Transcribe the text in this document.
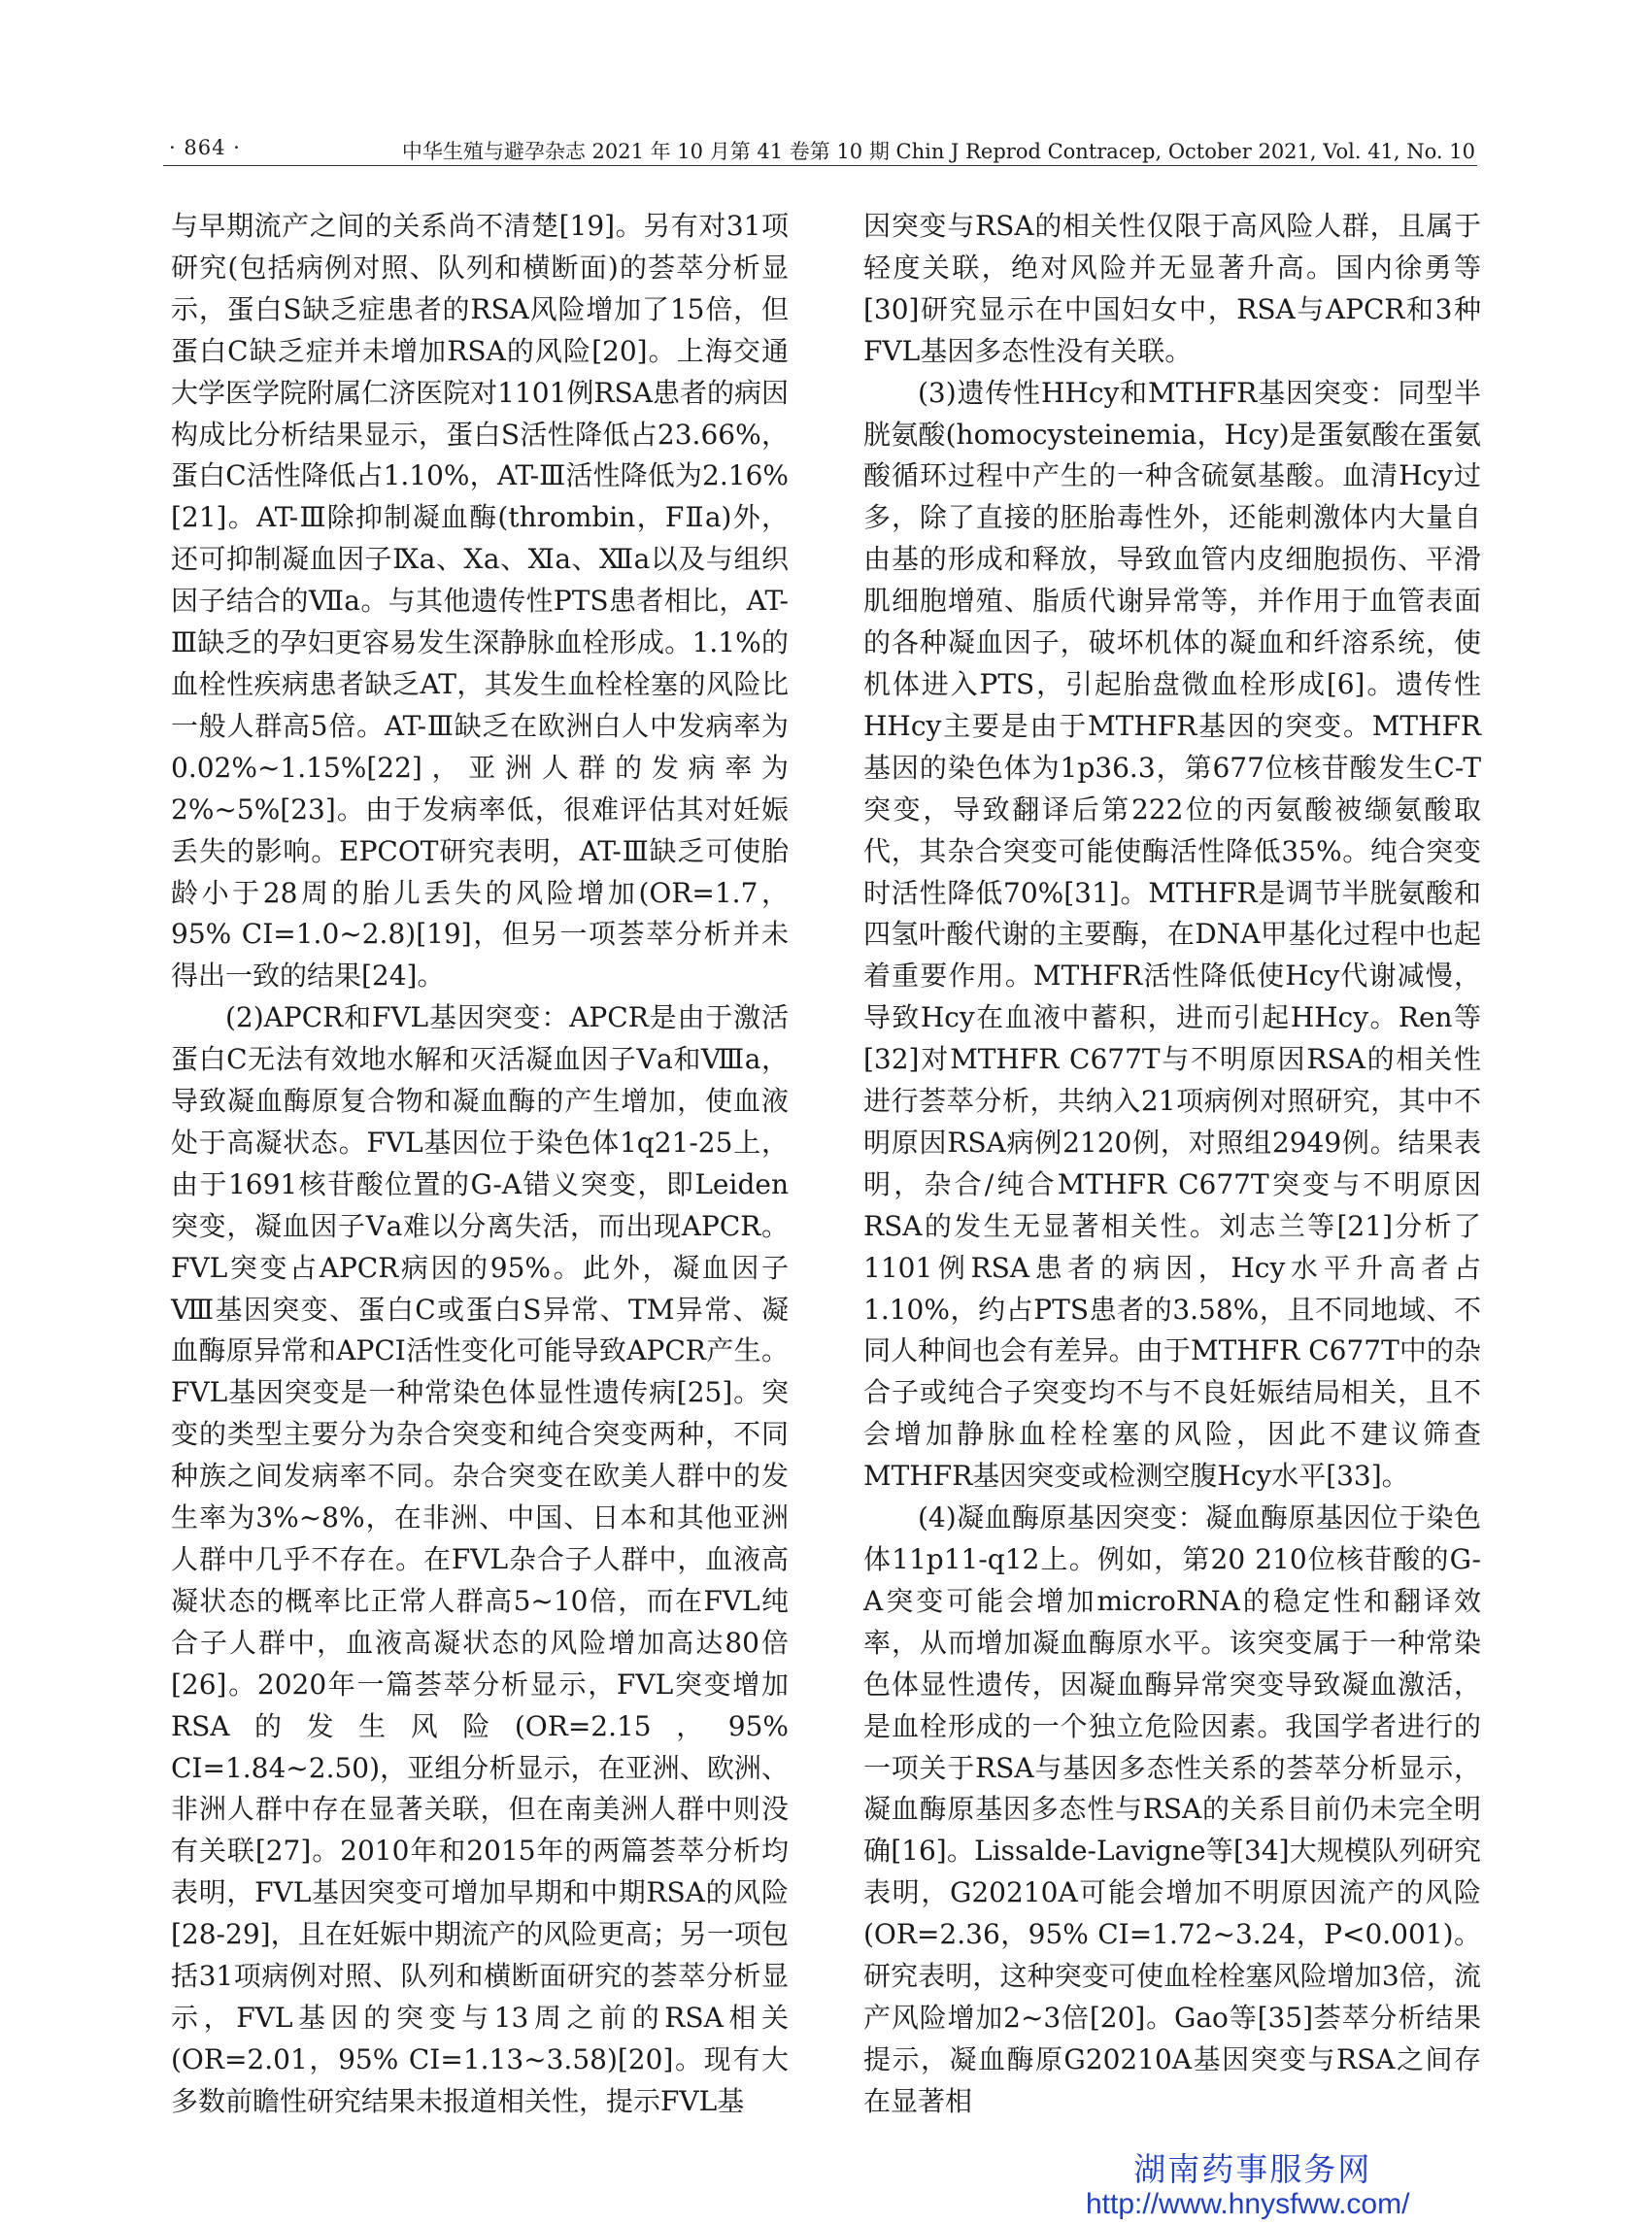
· 864 ·	中华生殖与避孕杂志 2021 年 10 月第 41 卷第 10 期 Chin J Reprod Contracep, October 2021, Vol. 41, No. 10

与早期流产之间的关系尚不清楚[19]。另有对31项研究(包括病例对照、队列和横断面)的荟萃分析显示，蛋白S缺乏症患者的RSA风险增加了15倍，但蛋白C缺乏症并未增加RSA的风险[20]。上海交通大学医学院附属仁济医院对1101例RSA患者的病因构成比分析结果显示，蛋白S活性降低占23.66%，蛋白C活性降低占1.10%，AT-Ⅲ活性降低为2.16%[21]。AT-Ⅲ除抑制凝血酶(thrombin，FⅡa)外，还可抑制凝血因子Ⅸa、Ⅹa、Ⅺa、Ⅻa以及与组织因子结合的Ⅶa。与其他遗传性PTS患者相比，AT-Ⅲ缺乏的孕妇更容易发生深静脉血栓形成。1.1%的血栓性疾病患者缺乏AT，其发生血栓栓塞的风险比一般人群高5倍。AT-Ⅲ缺乏在欧洲白人中发病率为0.02%~1.15%[22]，亚洲人群的发病率为2%~5%[23]。由于发病率低，很难评估其对妊娠丢失的影响。EPCOT研究表明，AT-Ⅲ缺乏可使胎龄小于28周的胎儿丢失的风险增加(OR=1.7，95% CI=1.0~2.8)[19]，但另一项荟萃分析并未得出一致的结果[24]。

(2)APCR和FVL基因突变：APCR是由于激活蛋白C无法有效地水解和灭活凝血因子Ⅴa和Ⅷa，导致凝血酶原复合物和凝血酶的产生增加，使血液处于高凝状态。FVL基因位于染色体1q21-25上，由于1691核苷酸位置的G-A错义突变，即Leiden突变，凝血因子Ⅴa难以分离失活，而出现APCR。FVL突变占APCR病因的95%。此外，凝血因子Ⅷ基因突变、蛋白C或蛋白S异常、TM异常、凝血酶原异常和APCI活性变化可能导致APCR产生。FVL基因突变是一种常染色体显性遗传病[25]。突变的类型主要分为杂合突变和纯合突变两种，不同种族之间发病率不同。杂合突变在欧美人群中的发生率为3%~8%，在非洲、中国、日本和其他亚洲人群中几乎不存在。在FVL杂合子人群中，血液高凝状态的概率比正常人群高5~10倍，而在FVL纯合子人群中，血液高凝状态的风险增加高达80倍[26]。2020年一篇荟萃分析显示，FVL突变增加RSA的发生风险(OR=2.15，95% CI=1.84~2.50)，亚组分析显示，在亚洲、欧洲、非洲人群中存在显著关联，但在南美洲人群中则没有关联[27]。2010年和2015年的两篇荟萃分析均表明，FVL基因突变可增加早期和中期RSA的风险[28-29]，且在妊娠中期流产的风险更高；另一项包括31项病例对照、队列和横断面研究的荟萃分析显示，FVL基因的突变与13周之前的RSA相关(OR=2.01，95% CI=1.13~3.58)[20]。现有大多数前瞻性研究结果未报道相关性，提示FVL基

因突变与RSA的相关性仅限于高风险人群，且属于轻度关联，绝对风险并无显著升高。国内徐勇等[30]研究显示在中国妇女中，RSA与APCR和3种FVL基因多态性没有关联。

(3)遗传性HHcy和MTHFR基因突变：同型半胱氨酸(homocysteinemia，Hcy)是蛋氨酸在蛋氨酸循环过程中产生的一种含硫氨基酸。血清Hcy过多，除了直接的胚胎毒性外，还能刺激体内大量自由基的形成和释放，导致血管内皮细胞损伤、平滑肌细胞增殖、脂质代谢异常等，并作用于血管表面的各种凝血因子，破坏机体的凝血和纤溶系统，使机体进入PTS，引起胎盘微血栓形成[6]。遗传性HHcy主要是由于MTHFR基因的突变。MTHFR基因的染色体为1p36.3，第677位核苷酸发生C-T突变，导致翻译后第222位的丙氨酸被缬氨酸取代，其杂合突变可能使酶活性降低35%。纯合突变时活性降低70%[31]。MTHFR是调节半胱氨酸和四氢叶酸代谢的主要酶，在DNA甲基化过程中也起着重要作用。MTHFR活性降低使Hcy代谢减慢，导致Hcy在血液中蓄积，进而引起HHcy。Ren等[32]对MTHFR C677T与不明原因RSA的相关性进行荟萃分析，共纳入21项病例对照研究，其中不明原因RSA病例2120例，对照组2949例。结果表明，杂合/纯合MTHFR C677T突变与不明原因RSA的发生无显著相关性。刘志兰等[21]分析了1101例RSA患者的病因，Hcy水平升高者占1.10%，约占PTS患者的3.58%，且不同地域、不同人种间也会有差异。由于MTHFR C677T中的杂合子或纯合子突变均不与不良妊娠结局相关，且不会增加静脉血栓栓塞的风险，因此不建议筛查MTHFR基因突变或检测空腹Hcy水平[33]。

(4)凝血酶原基因突变：凝血酶原基因位于染色体11p11-q12上。例如，第20 210位核苷酸的G-A突变可能会增加microRNA的稳定性和翻译效率，从而增加凝血酶原水平。该突变属于一种常染色体显性遗传，因凝血酶异常突变导致凝血激活，是血栓形成的一个独立危险因素。我国学者进行的一项关于RSA与基因多态性关系的荟萃分析显示，凝血酶原基因多态性与RSA的关系目前仍未完全明确[16]。Lissalde-Lavigne等[34]大规模队列研究表明，G20210A可能会增加不明原因流产的风险(OR=2.36，95% CI=1.72~3.24，P<0.001)。研究表明，这种突变可使血栓栓塞风险增加3倍，流产风险增加2~3倍[20]。Gao等[35]荟萃分析结果提示，凝血酶原G20210A基因突变与RSA之间存在显著相

湖南药事服务网
http://www.hnysfww.com/
